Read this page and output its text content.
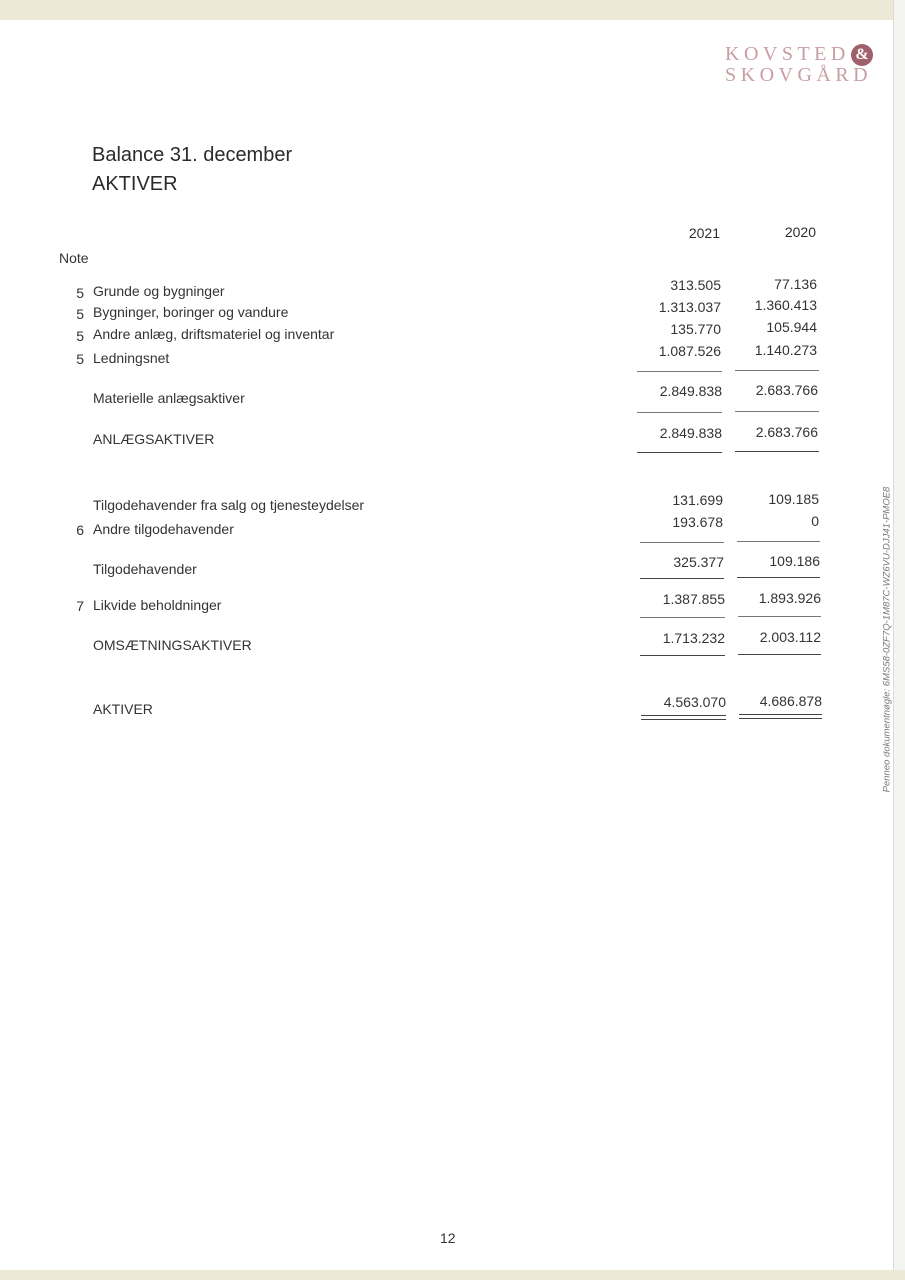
KOVSTED &
SKOVGÅRD
Balance 31. december
AKTIVER
2021	2020
Note
5 Grunde og bygninger	313.505	77.136
5 Bygninger, boringer og vandure	1.313.037	1.360.413
5 Andre anlæg, driftsmateriel og inventar	135.770	105.944
5 Ledningsnet	1.087.526	1.140.273
Materielle anlægsaktiver	2.849.838	2.683.766
ANLÆGSAKTIVER	2.849.838	2.683.766
Tilgodehavender fra salg og tjenesteydelser	131.699	109.185
6 Andre tilgodehavender	193.678	0
Tilgodehavender	325.377	109.186
7 Likvide beholdninger	1.387.855	1.893.926
OMSÆTNINGSAKTIVER	1.713.232	2.003.112
AKTIVER	4.563.070	4.686.878
12
Penneo dokumentnøgle: 6MS58-0ZF7Q-1M87C-WZ6VU-DJJ41-PMOE8
